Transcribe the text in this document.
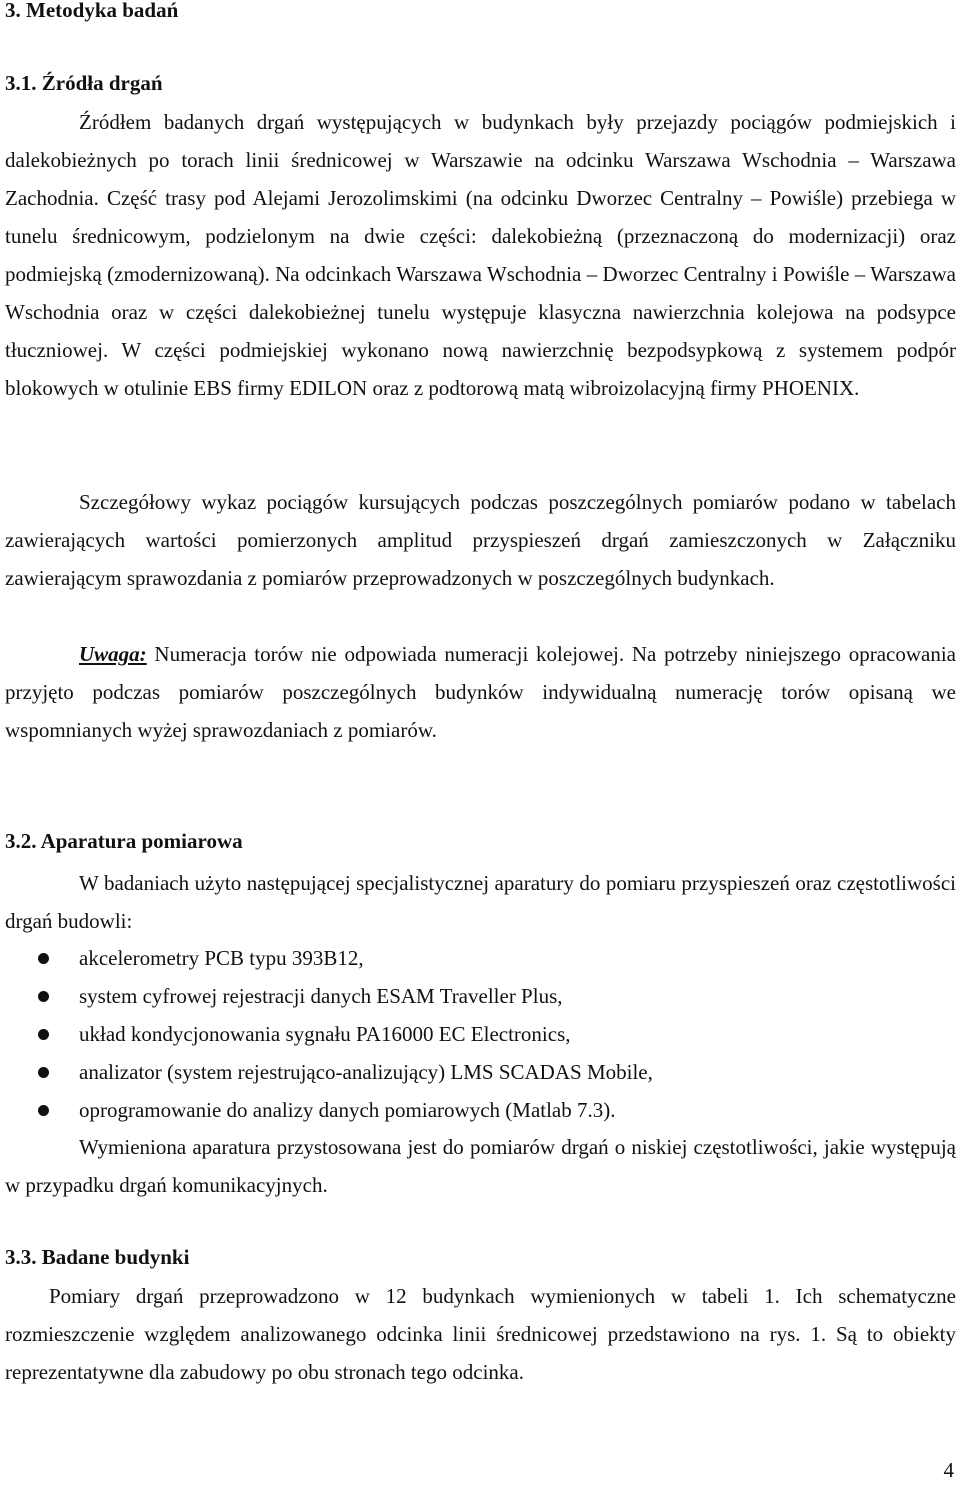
3. Metodyka badań
3.1. Źródła drgań

Źródłem badanych drgań występujących w budynkach były przejazdy pociągów podmiejskich i dalekobieżnych po torach linii średnicowej w Warszawie na odcinku Warszawa Wschodnia – Warszawa Zachodnia. Część trasy pod Alejami Jerozolimskimi (na odcinku Dworzec Centralny – Powiśle) przebiega w tunelu średnicowym, podzielonym na dwie części: dalekobieżną (przeznaczoną do modernizacji) oraz podmiejską (zmodernizowaną). Na odcinkach Warszawa Wschodnia – Dworzec Centralny i Powiśle – Warszawa Wschodnia oraz w części dalekobieżnej tunelu występuje klasyczna nawierzchnia kolejowa na podsypce tłuczniowej. W części podmiejskiej wykonano nową nawierzchnię bezpodsypkową z systemem podpór blokowych w otulinie EBS firmy EDILON oraz z podtorową matą wibroizolacyjną firmy PHOENIX.

Szczegółowy wykaz pociągów kursujących podczas poszczególnych pomiarów podano w tabelach zawierających wartości pomierzonych amplitud przyspieszeń drgań zamieszczonych w Załączniku zawierającym sprawozdania z pomiarów przeprowadzonych w poszczególnych budynkach.

Uwaga: Numeracja torów nie odpowiada numeracji kolejowej. Na potrzeby niniejszego opracowania przyjęto podczas pomiarów poszczególnych budynków indywidualną numerację torów opisaną we wspomnianych wyżej sprawozdaniach z pomiarów.

3.2. Aparatura pomiarowa

W badaniach użyto następującej specjalistycznej aparatury do pomiaru przyspieszeń oraz częstotliwości drgań budowli:

akcelerometry PCB typu 393B12,
system cyfrowej rejestracji danych ESAM Traveller Plus,
układ kondycjonowania sygnału PA16000 EC Electronics,
analizator (system rejestrująco-analizujący) LMS SCADAS Mobile,
oprogramowanie do analizy danych pomiarowych (Matlab 7.3).

Wymieniona aparatura przystosowana jest do pomiarów drgań o niskiej częstotliwości, jakie występują w przypadku drgań komunikacyjnych.

3.3. Badane budynki

Pomiary drgań przeprowadzono w 12 budynkach wymienionych w tabeli 1. Ich schematyczne rozmieszczenie względem analizowanego odcinka linii średnicowej przedstawiono na rys. 1. Są to obiekty reprezentatywne dla zabudowy po obu stronach tego odcinka.

4
